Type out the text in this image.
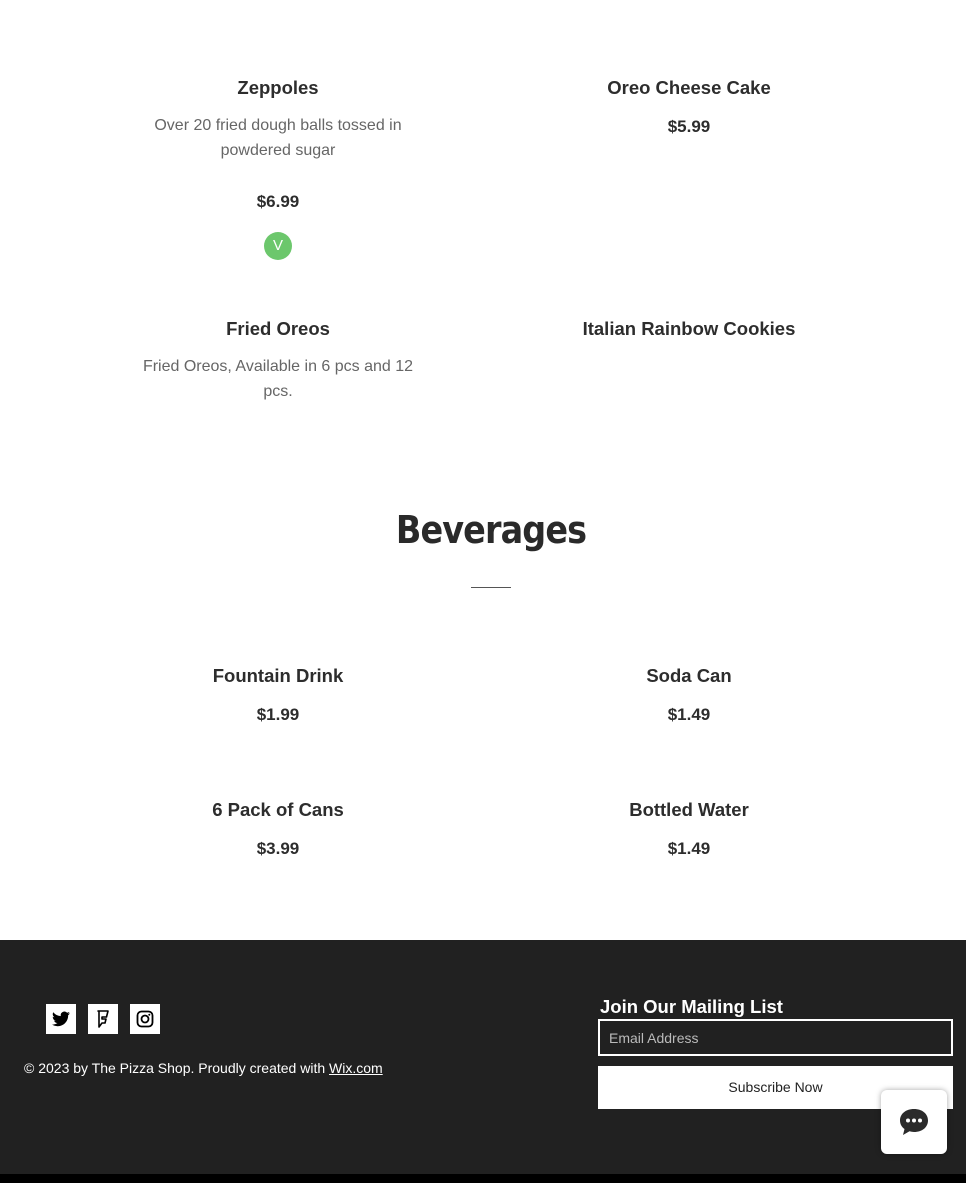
Zeppoles
Over 20 fried dough balls tossed in powdered sugar
$6.99
V
Oreo Cheese Cake
$5.99
Fried Oreos
Fried Oreos, Available in 6 pcs and 12 pcs.
Italian Rainbow Cookies
Beverages
Fountain Drink
$1.99
Soda Can
$1.49
6 Pack of Cans
$3.99
Bottled Water
$1.49
© 2023 by The Pizza Shop. Proudly created with Wix.com
Join Our Mailing List
Email Address
Subscribe Now
